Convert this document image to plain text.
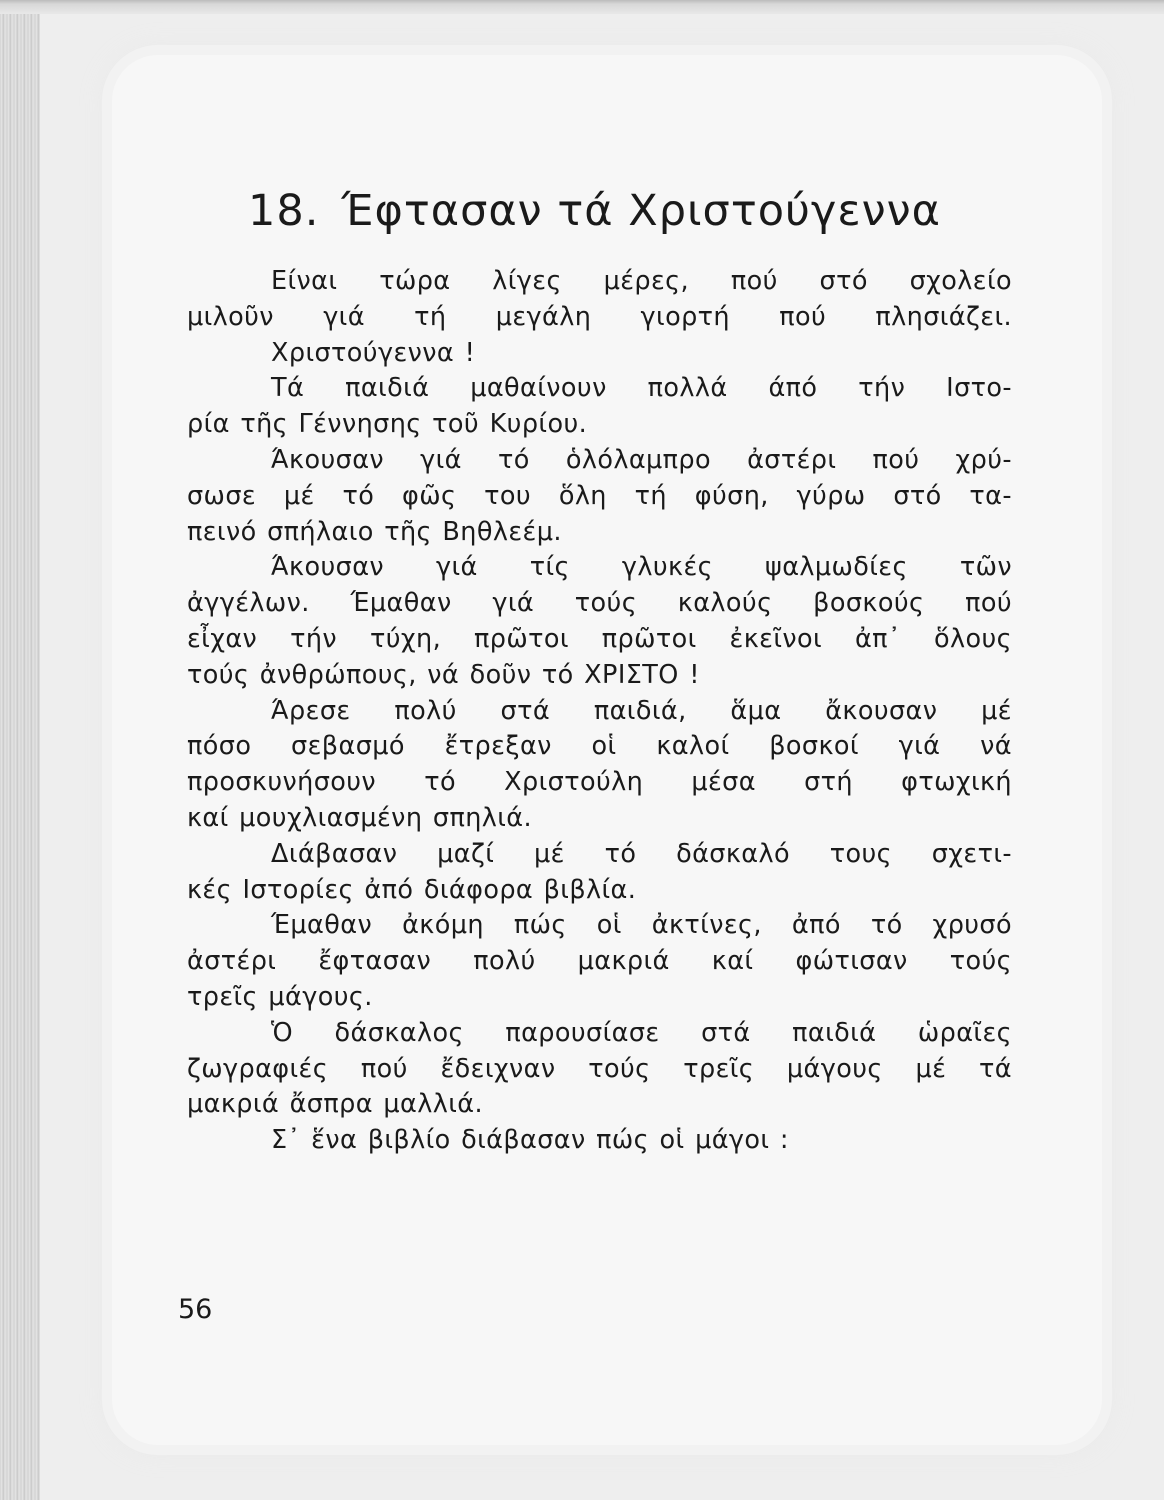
18. Έφτασαν τά Χριστούγεννα

Είναι τώρα λίγες μέρες, πού στό σχολείο

μιλοῦν γιά τή μεγάλη γιορτή πού πλησιάζει.

Χριστούγεννα !

Τά παιδιά μαθαίνουν πολλά άπό τήν Ιστο-

ρία τῆς Γέννησης τοῦ Κυρίου.

Άκουσαν γιά τό ὁλόλαμπρο ἀστέρι πού χρύ-

σωσε μέ τό φῶς του ὅλη τή φύση, γύρω στό τα-

πεινό σπήλαιο τῆς Βηθλεέμ.

Άκουσαν γιά τίς γλυκές ψαλμωδίες τῶν

ἀγγέλων. Έμαθαν γιά τούς καλούς βοσκούς πού

εἶχαν τήν τύχη, πρῶτοι πρῶτοι ἐκεῖνοι ἀπ᾽ ὅλους

τούς ἀνθρώπους, νά δοῦν τό ΧΡΙΣΤΟ !

Άρεσε πολύ στά παιδιά, ἅμα ἄκουσαν μέ

πόσο σεβασμό ἔτρεξαν οἱ καλοί βοσκοί γιά νά

προσκυνήσουν τό Χριστούλη μέσα στή φτωχική

καί μουχλιασμένη σπηλιά.

Διάβασαν μαζί μέ τό δάσκαλό τους σχετι-

κές Ιστορίες ἀπό διάφορα βιβλία.

Έμαθαν ἀκόμη πώς οἱ ἀκτίνες, ἀπό τό χρυσό

ἀστέρι ἔφτασαν πολύ μακριά καί φώτισαν τούς

τρεῖς μάγους.

Ὁ δάσκαλος παρουσίασε στά παιδιά ὡραῖες

ζωγραφιές πού ἔδειχναν τούς τρεῖς μάγους μέ τά

μακριά ἄσπρα μαλλιά.

Σ᾽ ἕνα βιβλίο διάβασαν πώς οἱ μάγοι :

56
